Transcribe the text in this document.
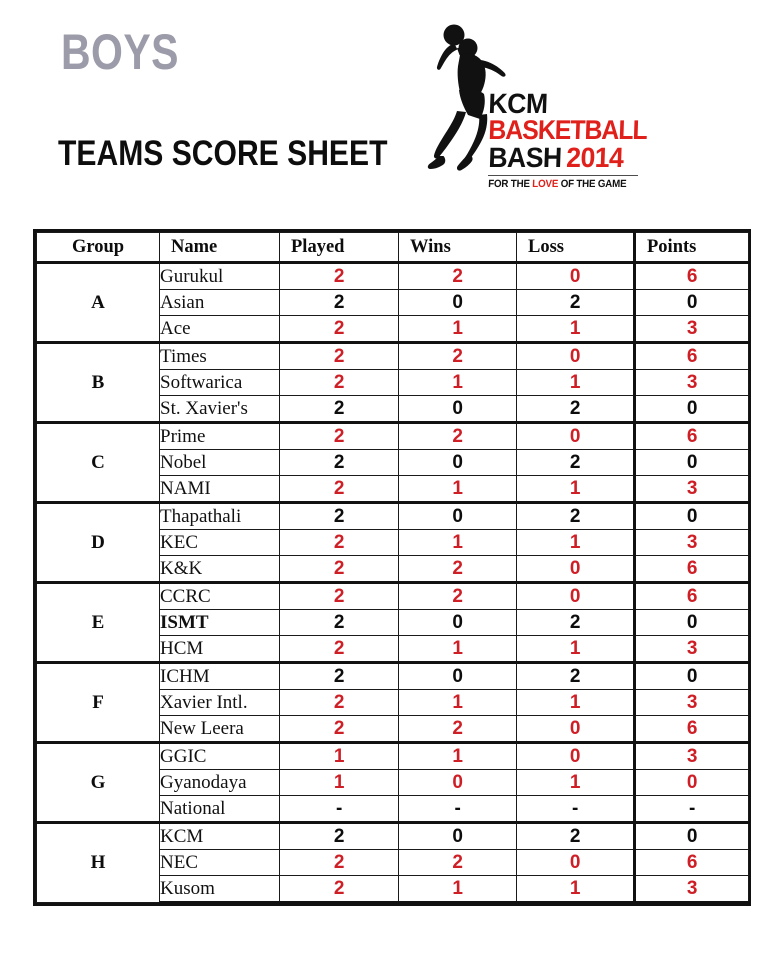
BOYS
TEAMS SCORE SHEET
KCM
BASKETBALL
BASH 2014
FOR THE LOVE OF THE GAME
Group	Name	Played	Wins	Loss	Points
A	Gurukul	2	2	0	6
	Asian	2	0	2	0
	Ace	2	1	1	3
B	Times	2	2	0	6
	Softwarica	2	1	1	3
	St. Xavier's	2	0	2	0
C	Prime	2	2	0	6
	Nobel	2	0	2	0
	NAMI	2	1	1	3
D	Thapathali	2	0	2	0
	KEC	2	1	1	3
	K&K	2	2	0	6
E	CCRC	2	2	0	6
	ISMT	2	0	2	0
	HCM	2	1	1	3
F	ICHM	2	0	2	0
	Xavier Intl.	2	1	1	3
	New Leera	2	2	0	6
G	GGIC	1	1	0	3
	Gyanodaya	1	0	1	0
	National	-	-	-	-
H	KCM	2	0	2	0
	NEC	2	2	0	6
	Kusom	2	1	1	3
